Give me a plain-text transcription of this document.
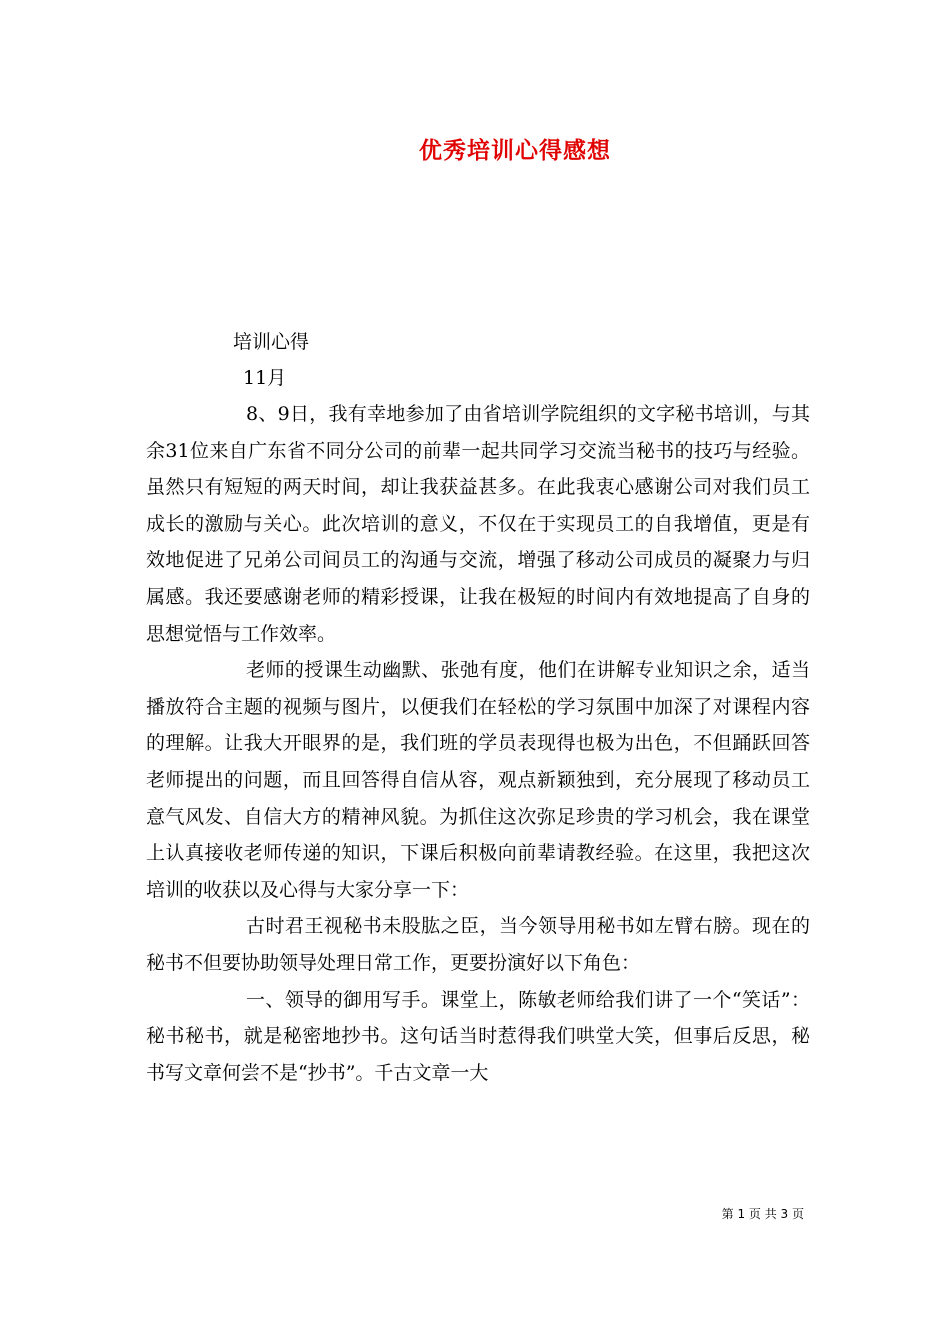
优秀培训心得感想
培训心得
11月

8、9日，我有幸地参加了由省培训学院组织的文字秘书培训，与其余31位来自广东省不同分公司的前辈一起共同学习交流当秘书的技巧与经验。虽然只有短短的两天时间，却让我获益甚多。在此我衷心感谢公司对我们员工成长的激励与关心。此次培训的意义，不仅在于实现员工的自我增值，更是有效地促进了兄弟公司间员工的沟通与交流，增强了移动公司成员的凝聚力与归属感。我还要感谢老师的精彩授课，让我在极短的时间内有效地提高了自身的思想觉悟与工作效率。

老师的授课生动幽默、张弛有度，他们在讲解专业知识之余，适当播放符合主题的视频与图片，以便我们在轻松的学习氛围中加深了对课程内容的理解。让我大开眼界的是，我们班的学员表现得也极为出色，不但踊跃回答老师提出的问题，而且回答得自信从容，观点新颖独到，充分展现了移动员工意气风发、自信大方的精神风貌。为抓住这次弥足珍贵的学习机会，我在课堂上认真接收老师传递的知识，下课后积极向前辈请教经验。在这里，我把这次培训的收获以及心得与大家分享一下：

古时君王视秘书未股肱之臣，当今领导用秘书如左臂右膀。现在的秘书不但要协助领导处理日常工作，更要扮演好以下角色：

一、领导的御用写手。课堂上，陈敏老师给我们讲了一个“笑话”：秘书秘书，就是秘密地抄书。这句话当时惹得我们哄堂大笑，但事后反思，秘书写文章何尝不是“抄书”。千古文章一大

第 1 页 共 3 页
